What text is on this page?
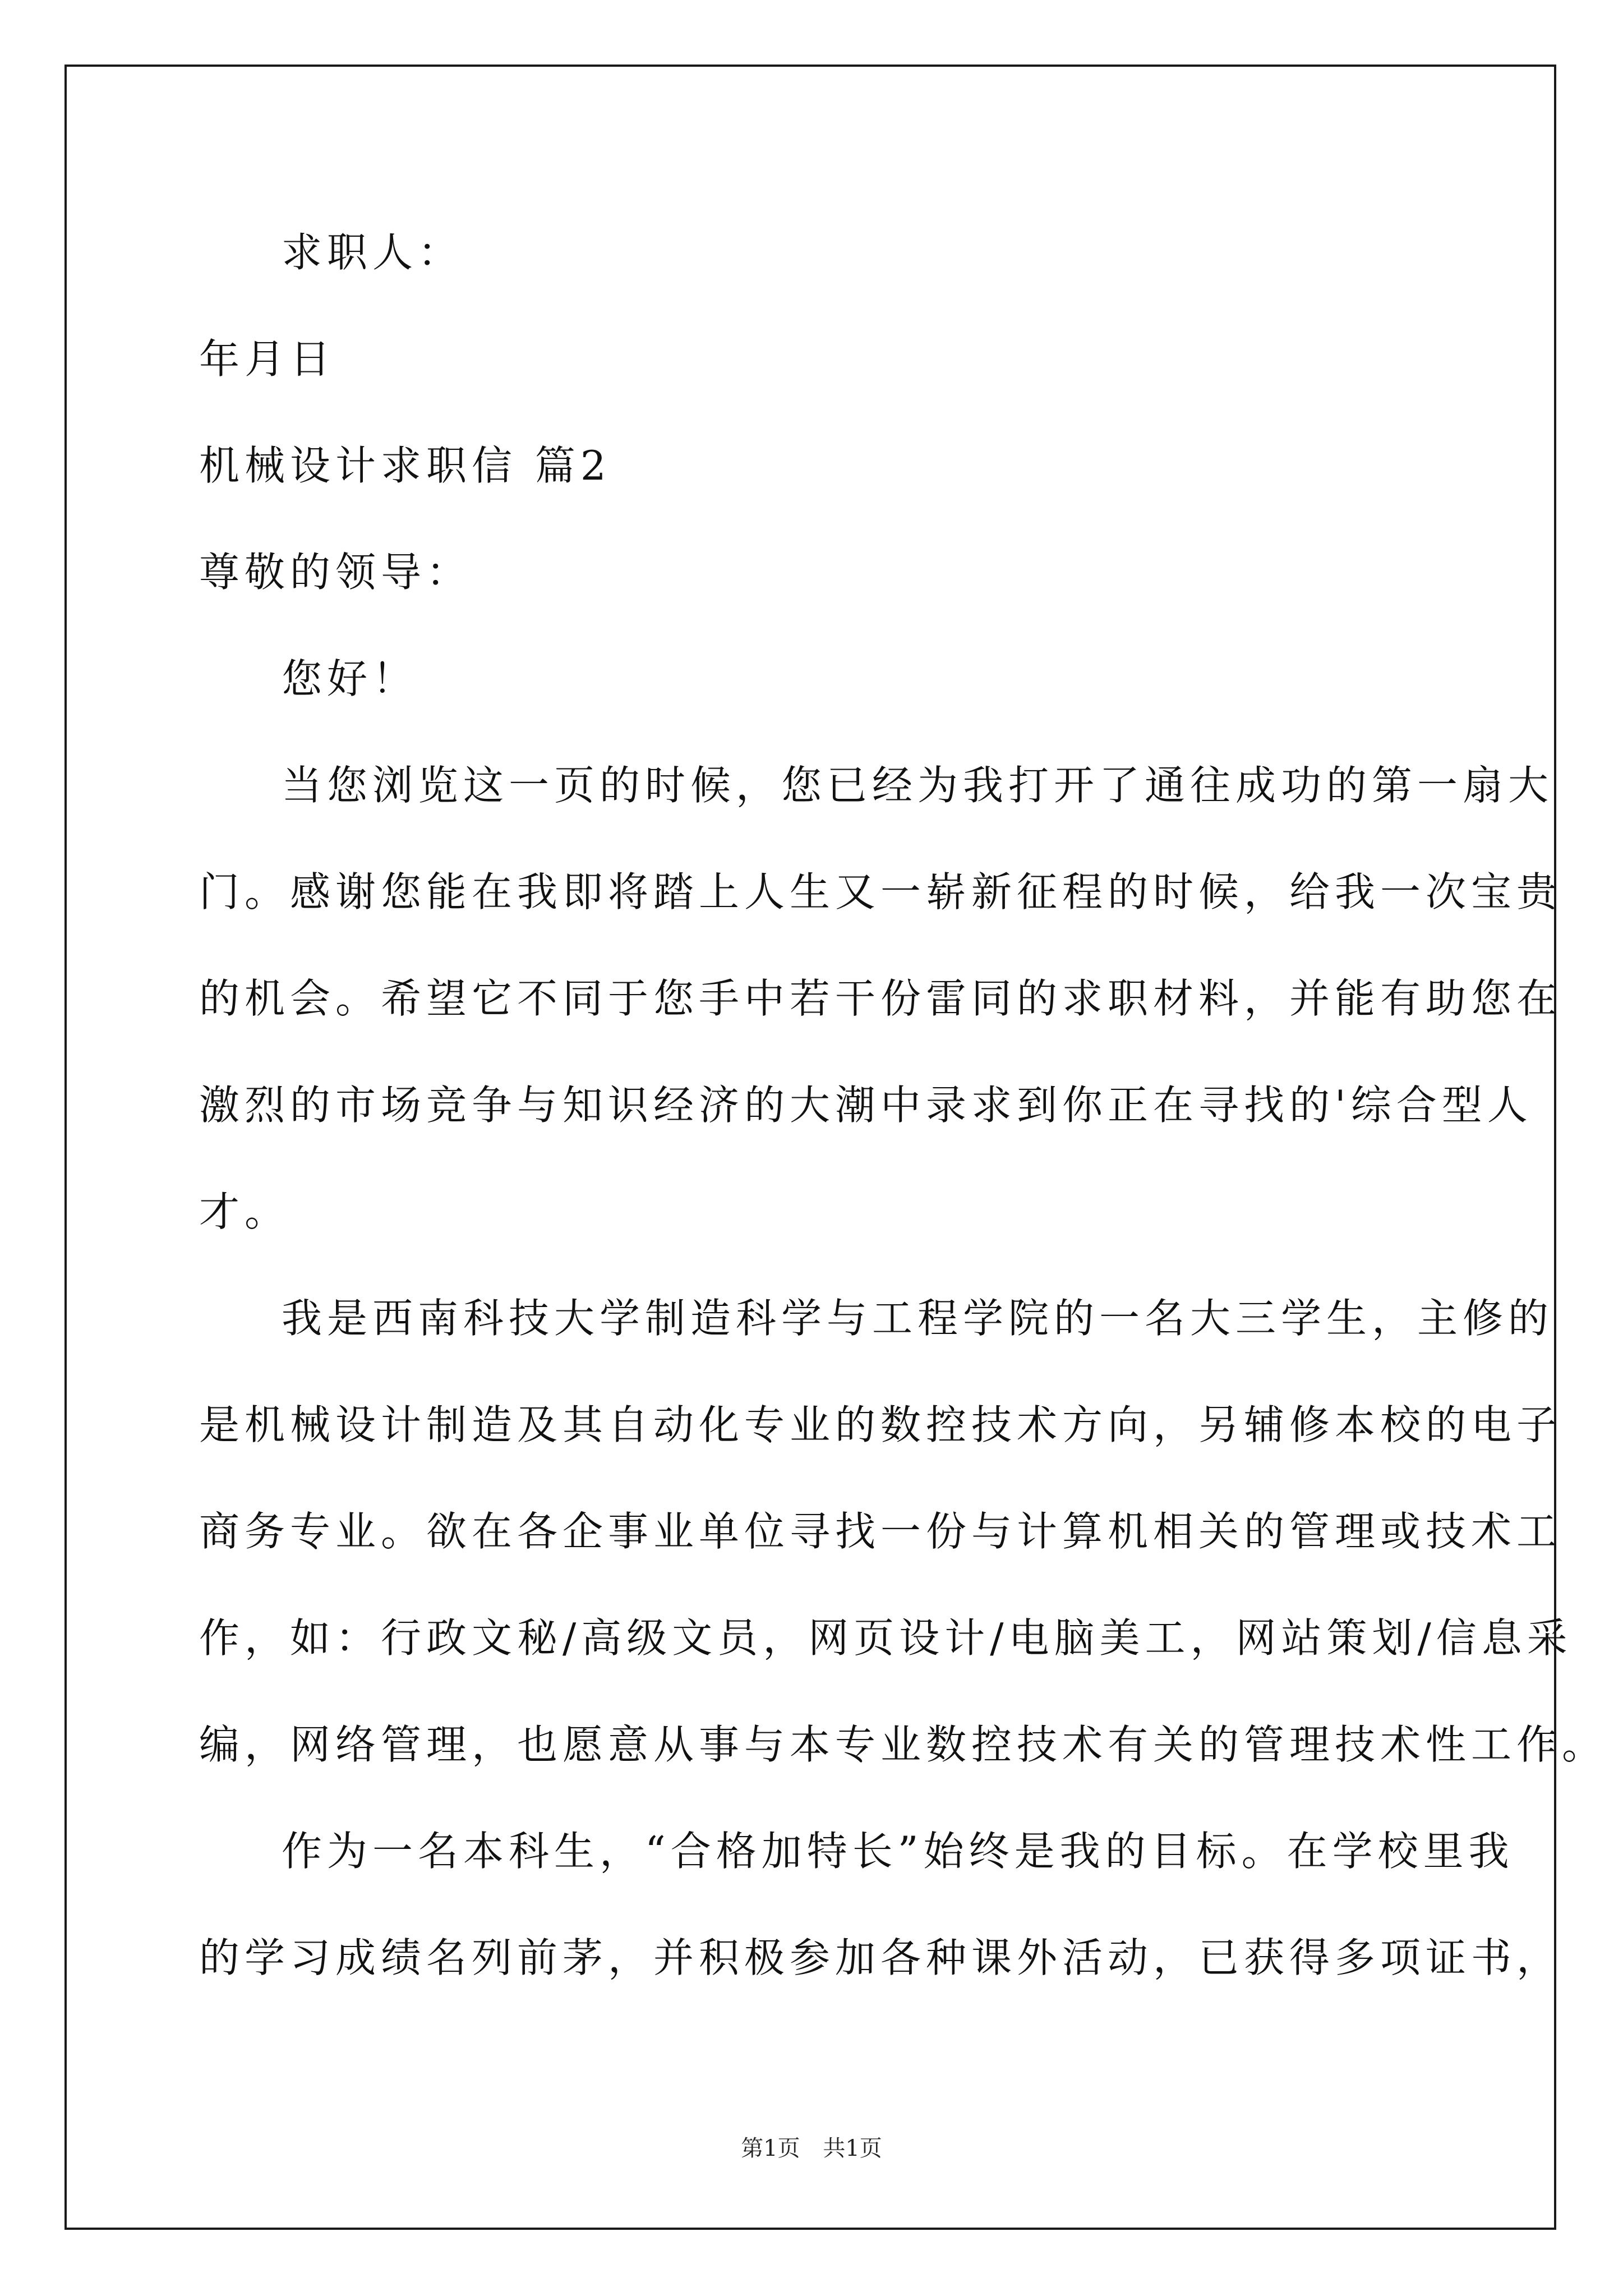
求职人：
年月日
机械设计求职信 篇2
尊敬的领导：
您好！
当您浏览这一页的时候，您已经为我打开了通往成功的第一扇大
门。感谢您能在我即将踏上人生又一崭新征程的时候，给我一次宝贵
的机会。希望它不同于您手中若干份雷同的求职材料，并能有助您在
激烈的市场竞争与知识经济的大潮中录求到你正在寻找的'综合型人
才。
我是西南科技大学制造科学与工程学院的一名大三学生，主修的
是机械设计制造及其自动化专业的数控技术方向，另辅修本校的电子
商务专业。欲在各企事业单位寻找一份与计算机相关的管理或技术工
作，如：行政文秘/高级文员，网页设计/电脑美工，网站策划/信息采
编，网络管理，也愿意从事与本专业数控技术有关的管理技术性工作。
作为一名本科生，“合格加特长”始终是我的目标。在学校里我
的学习成绩名列前茅，并积极参加各种课外活动，已获得多项证书，
第1页 共1页
